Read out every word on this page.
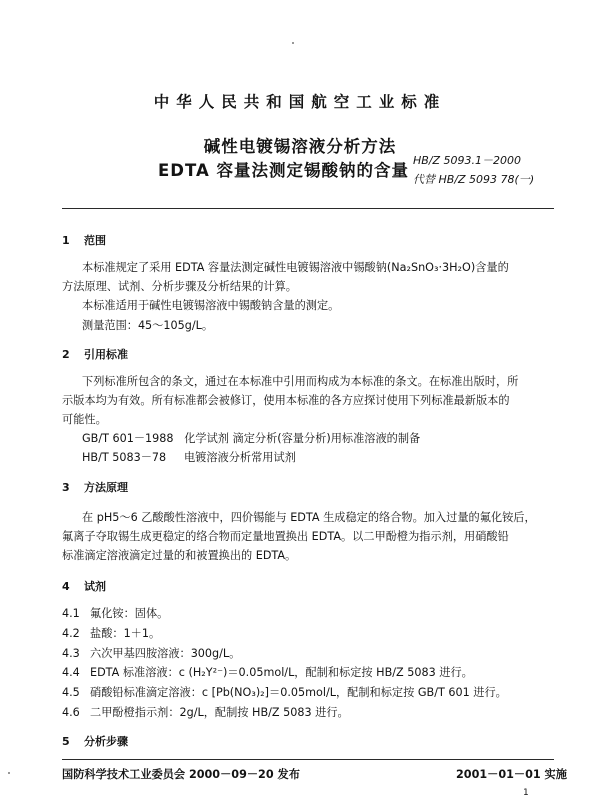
中华人民共和国航空工业标准
碱性电镀锡溶液分析方法
EDTA 容量法测定锡酸钠的含量
HB/Z 5093.1－2000
代替 HB/Z 5093 78(一)
1 范围
本标准规定了采用 EDTA 容量法测定碱性电镀锡溶液中锡酸钠(Na₂SnO₃·3H₂O)含量的
方法原理、试剂、分析步骤及分析结果的计算。
本标准适用于碱性电镀锡溶液中锡酸钠含量的测定。
测量范围：45～105g/L。
2 引用标准
下列标准所包含的条文，通过在本标准中引用而构成为本标准的条文。在标准出版时，所
示版本均为有效。所有标准都会被修订，使用本标准的各方应探讨使用下列标准最新版本的
可能性。
GB/T 601－1988 化学试剂 滴定分析(容量分析)用标准溶液的制备
HB/T 5083－78 电镀溶液分析常用试剂
3 方法原理
在 pH5～6 乙酸酸性溶液中，四价锡能与 EDTA 生成稳定的络合物。加入过量的氟化铵后，
氟离子夺取锡生成更稳定的络合物而定量地置换出 EDTA。以二甲酚橙为指示剂，用硝酸铅
标准滴定溶液滴定过量的和被置换出的 EDTA。
4 试剂
4.1 氟化铵：固体。
4.2 盐酸：1＋1。
4.3 六次甲基四胺溶液：300g/L。
4.4 EDTA 标准溶液：c (H₂Y²⁻)＝0.05mol/L，配制和标定按 HB/Z 5083 进行。
4.5 硝酸铅标准滴定溶液：c [Pb(NO₃)₂]＝0.05mol/L，配制和标定按 GB/T 601 进行。
4.6 二甲酚橙指示剂：2g/L，配制按 HB/Z 5083 进行。
5 分析步骤
国防科学技术工业委员会 2000－09－20 发布	2001－01－01 实施
1
